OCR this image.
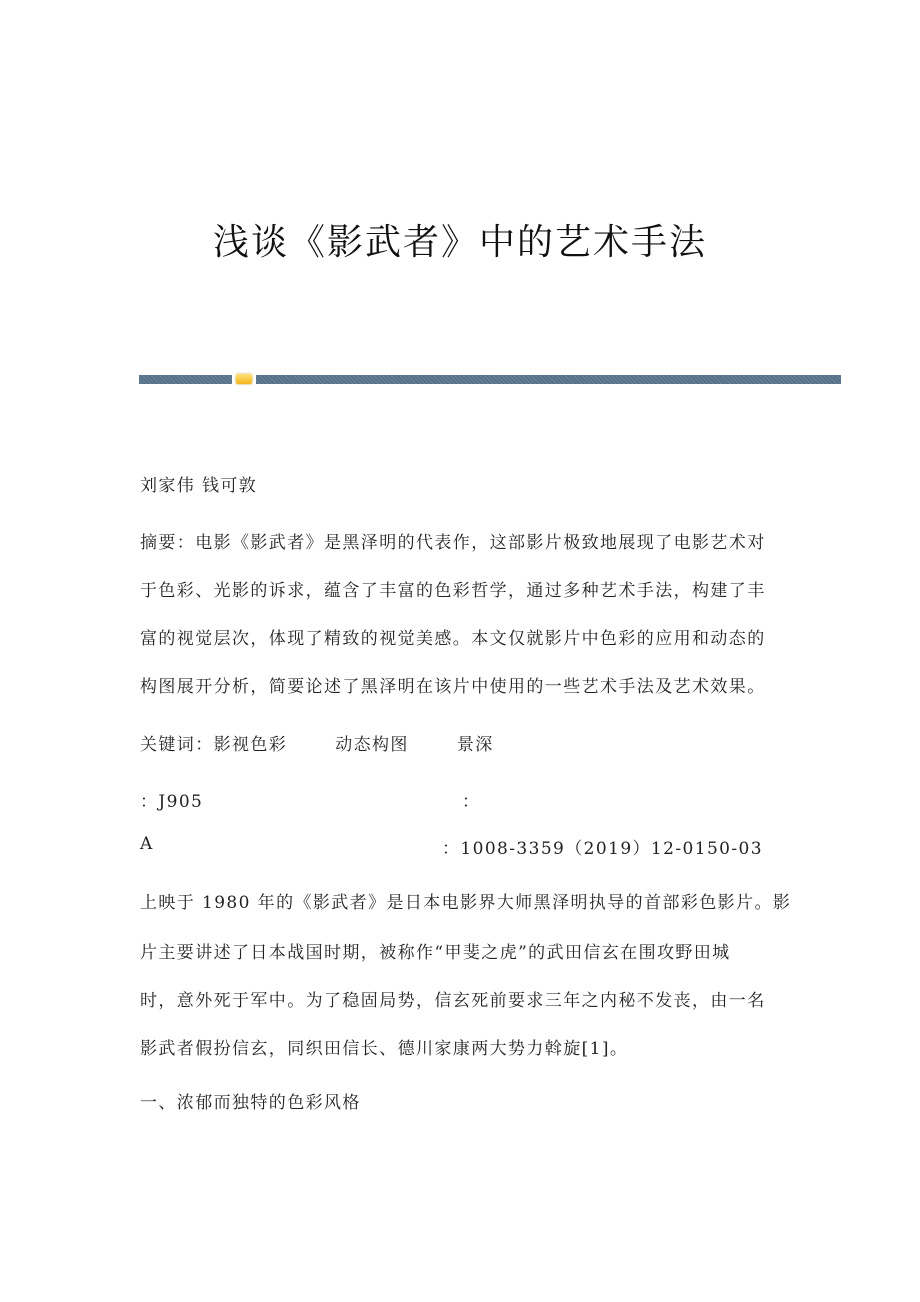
浅谈《影武者》中的艺术手法
刘家伟 钱可敦
摘要：电影《影武者》是黑泽明的代表作，这部影片极致地展现了电影艺术对
于色彩、光影的诉求，蕴含了丰富的色彩哲学，通过多种艺术手法，构建了丰
富的视觉层次，体现了精致的视觉美感。本文仅就影片中色彩的应用和动态的
构图展开分析，简要论述了黑泽明在该片中使用的一些艺术手法及艺术效果。
关键词：影视色彩	动态构图	景深
：J905	：
A	：1008-3359（2019）12-0150-03
上映于 1980 年的《影武者》是日本电影界大师黑泽明执导的首部彩色影片。影
片主要讲述了日本战国时期，被称作“甲斐之虎”的武田信玄在围攻野田城
时，意外死于军中。为了稳固局势，信玄死前要求三年之内秘不发丧，由一名
影武者假扮信玄，同织田信长、德川家康两大势力斡旋[1]。
一、浓郁而独特的色彩风格
